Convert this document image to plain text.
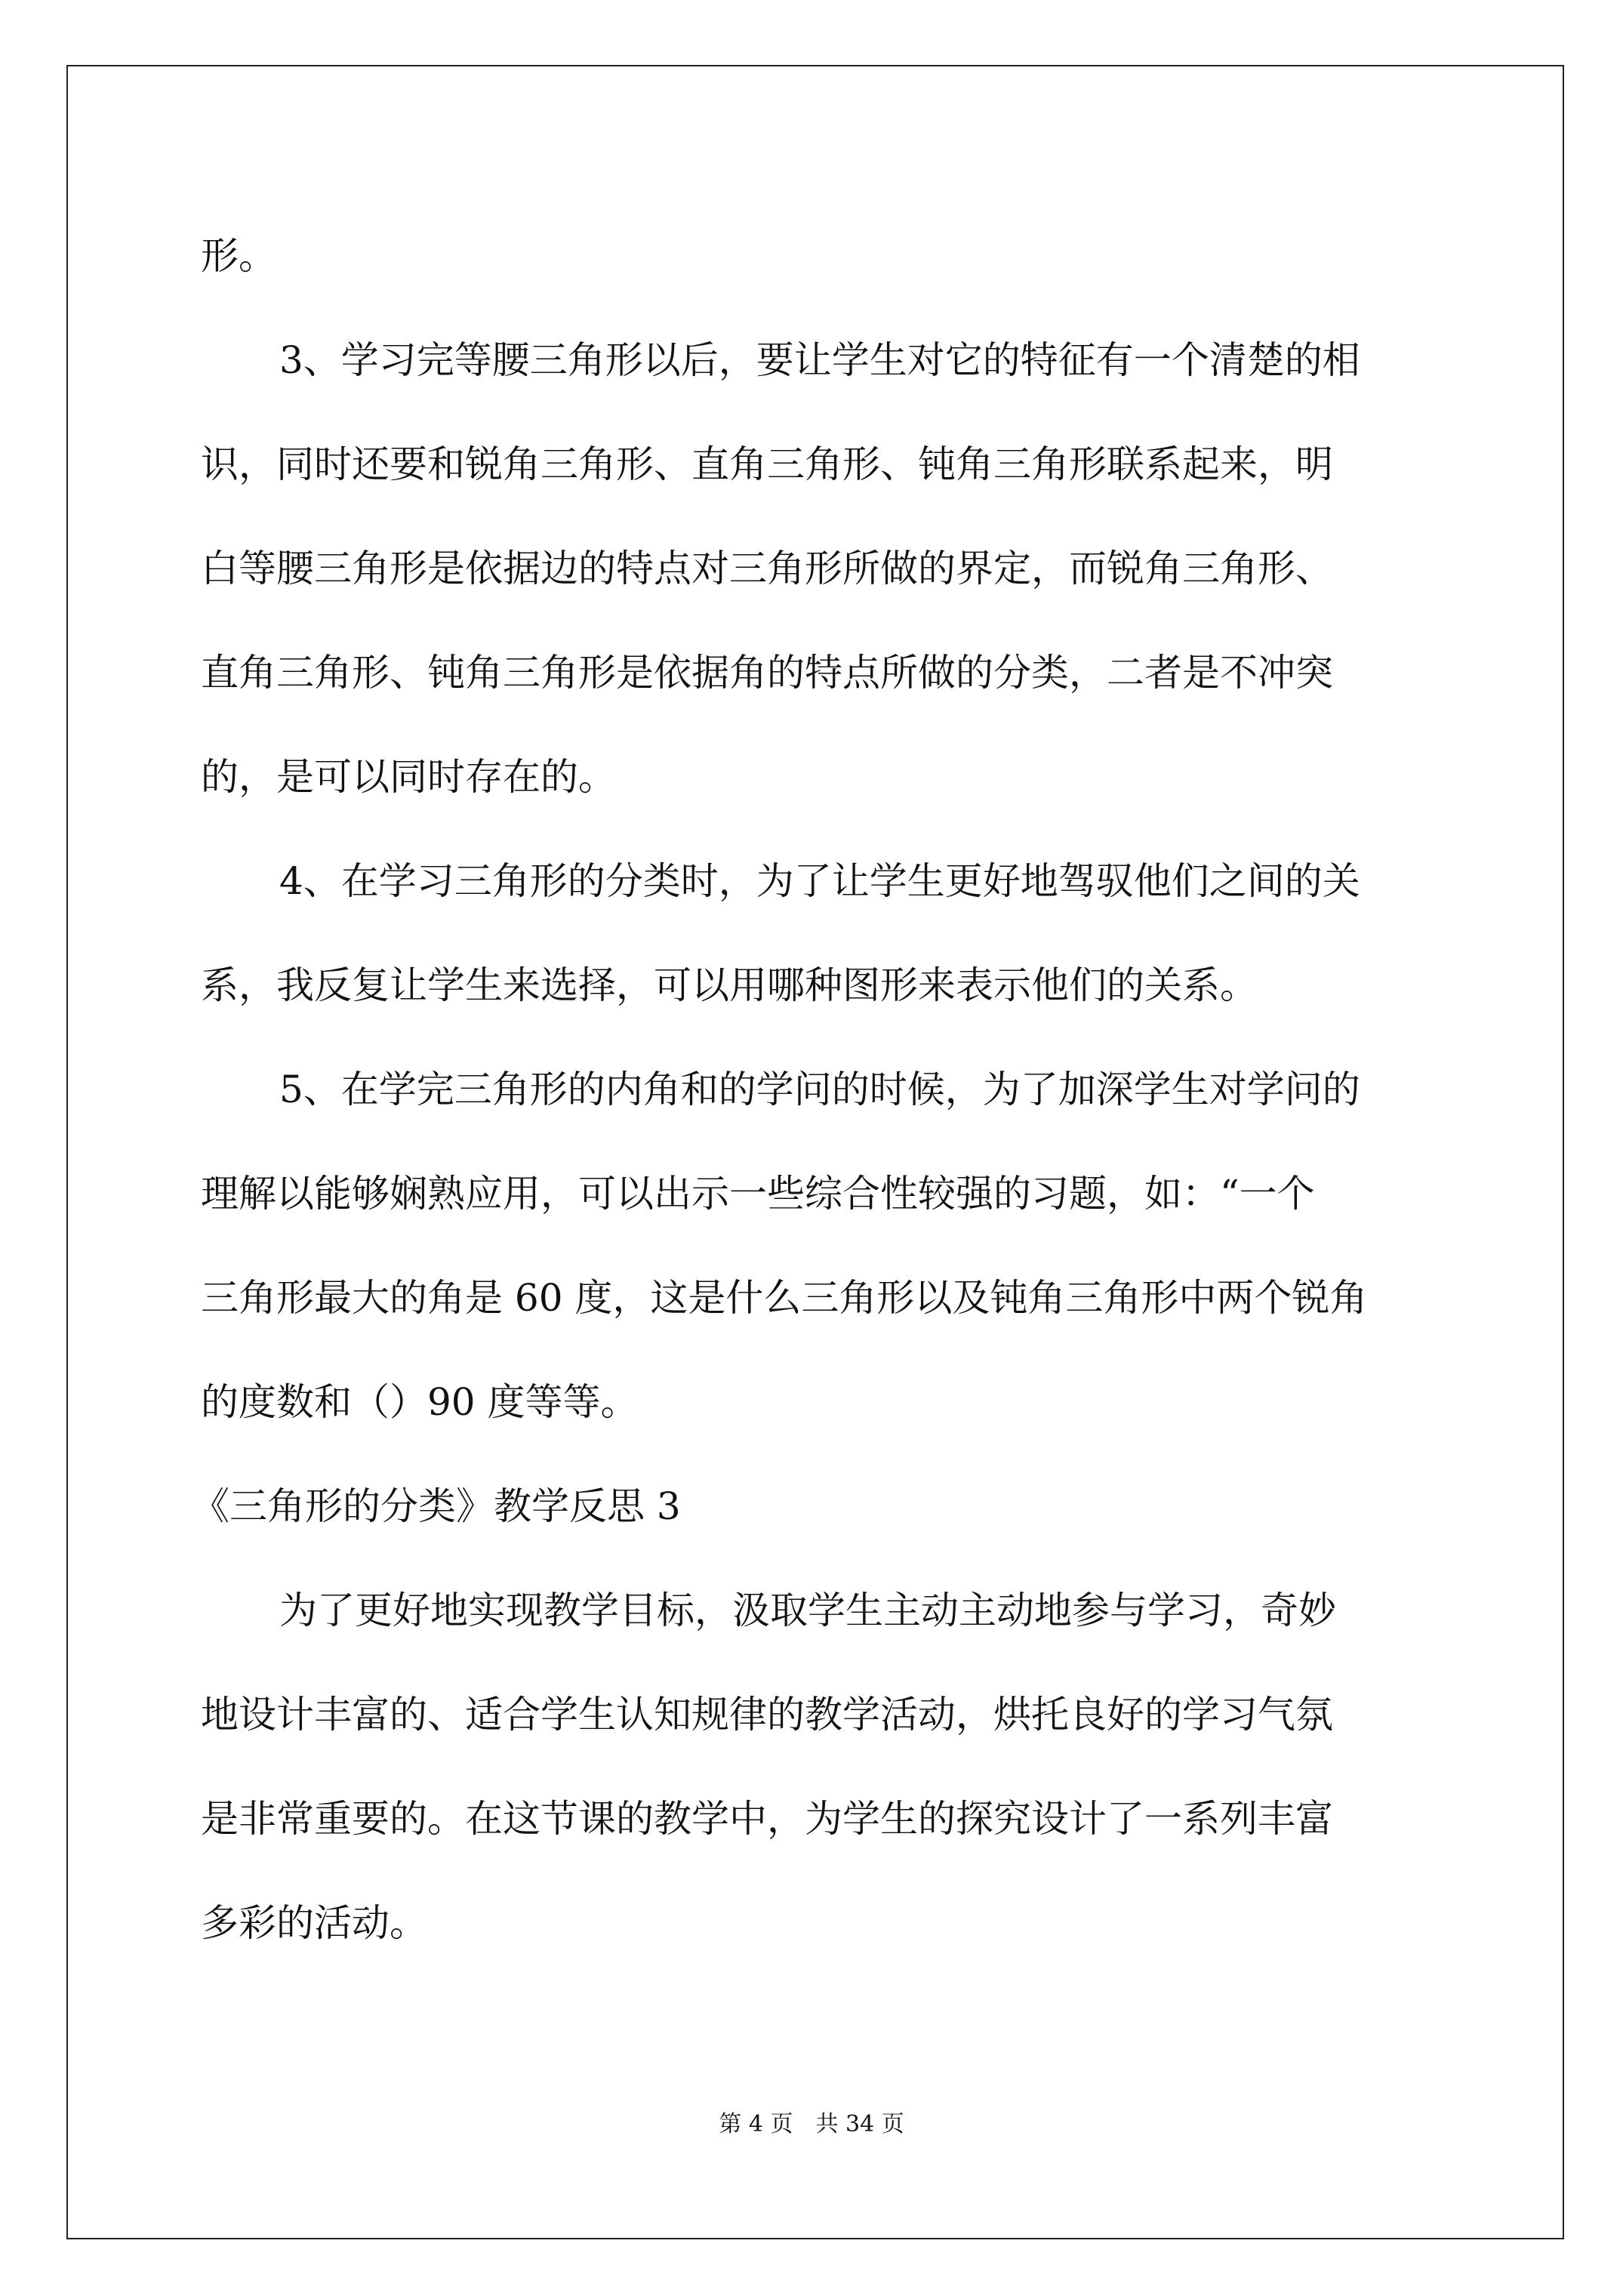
形。
3、学习完等腰三角形以后，要让学生对它的特征有一个清楚的相
识，同时还要和锐角三角形、直角三角形、钝角三角形联系起来，明
白等腰三角形是依据边的特点对三角形所做的界定，而锐角三角形、
直角三角形、钝角三角形是依据角的特点所做的分类，二者是不冲突
的，是可以同时存在的。
4、在学习三角形的分类时，为了让学生更好地驾驭他们之间的关
系，我反复让学生来选择，可以用哪种图形来表示他们的关系。
5、在学完三角形的内角和的学问的时候，为了加深学生对学问的
理解以能够娴熟应用，可以出示一些综合性较强的习题，如：“一个
三角形最大的角是 60 度，这是什么三角形以及钝角三角形中两个锐角
的度数和（）90 度等等。
《三角形的分类》教学反思 3
为了更好地实现教学目标，汲取学生主动主动地参与学习，奇妙
地设计丰富的、适合学生认知规律的教学活动，烘托良好的学习气氛
是非常重要的。在这节课的教学中，为学生的探究设计了一系列丰富
多彩的活动。
第 4 页　共 34 页
